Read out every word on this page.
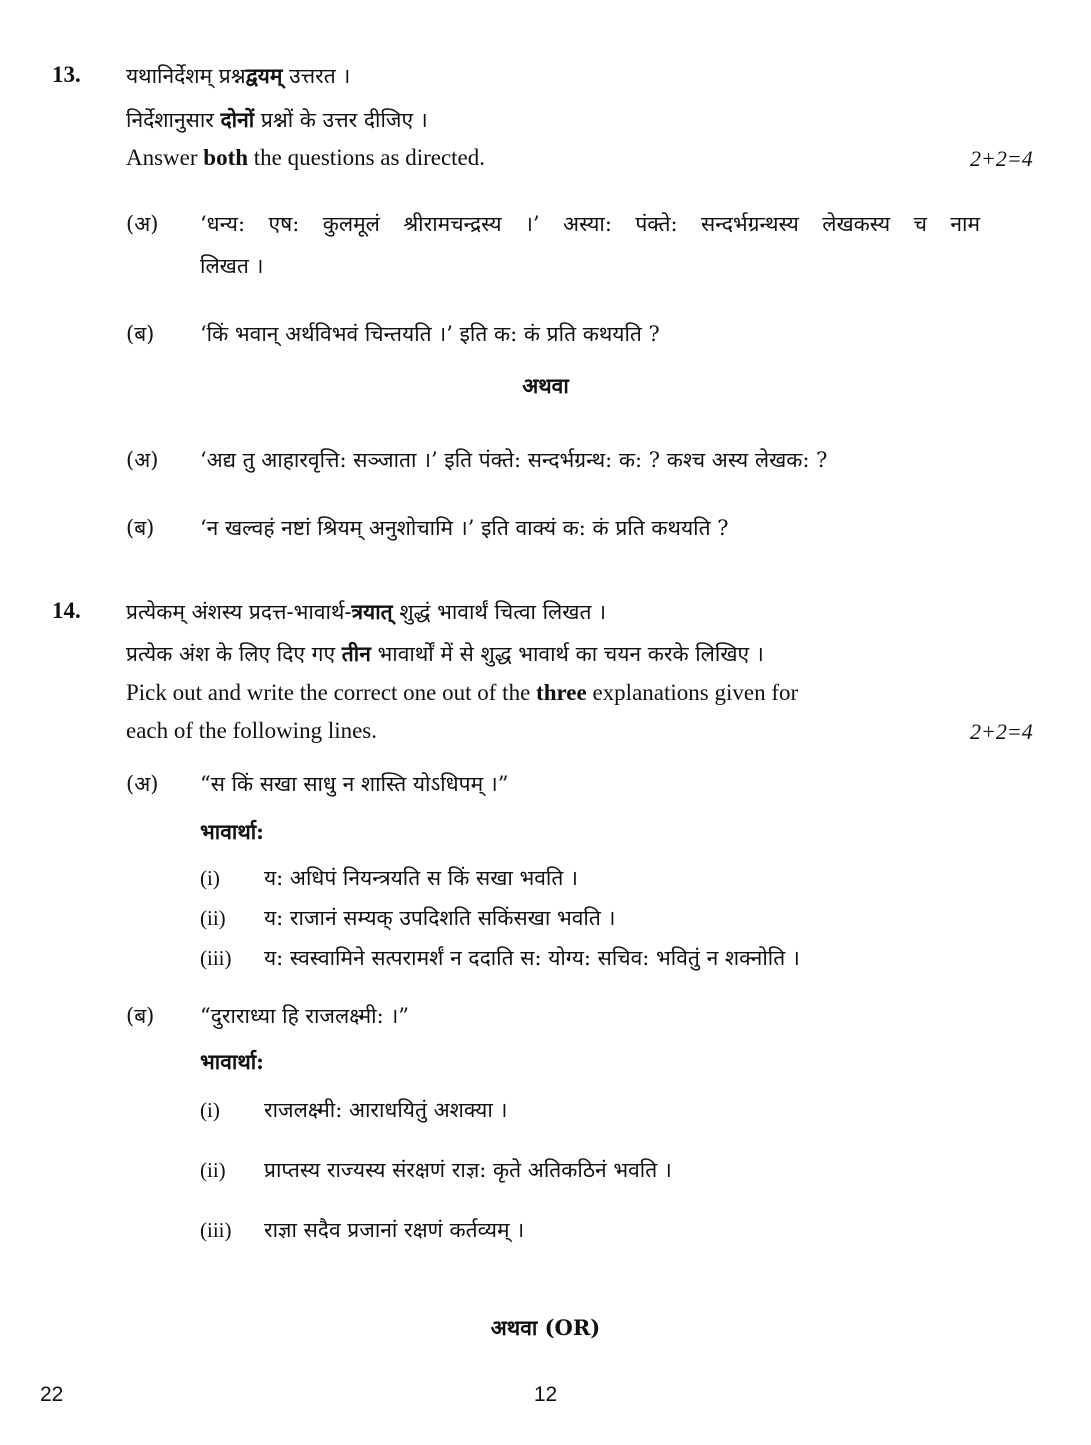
13. यथानिर्देशम् प्रश्नद्वयम् उत्तरत ।
निर्देशानुसार दोनों प्रश्नों के उत्तर दीजिए ।
Answer both the questions as directed.	2+2=4
(अ) ‘धन्य: एष: कुलमूलं श्रीरामचन्द्रस्य ।’ अस्या: पंक्ते: सन्दर्भग्रन्थस्य लेखकस्य च नाम
लिखत ।
(ब) ‘किं भवान् अर्थविभवं चिन्तयति ।’ इति क: कं प्रति कथयति ?
अथवा
(अ) ‘अद्य तु आहारवृत्ति: सञ्जाता ।’ इति पंक्ते: सन्दर्भग्रन्थ: क: ? कश्च अस्य लेखक: ?
(ब) ‘न खल्वहं नष्टां श्रियम् अनुशोचामि ।’ इति वाक्यं क: कं प्रति कथयति ?
14. प्रत्येकम् अंशस्य प्रदत्त-भावार्थ-त्रयात् शुद्धं भावार्थं चित्वा लिखत ।
प्रत्येक अंश के लिए दिए गए तीन भावार्थों में से शुद्ध भावार्थ का चयन करके लिखिए ।
Pick out and write the correct one out of the three explanations given for
each of the following lines.	2+2=4
(अ) “स किं सखा साधु न शास्ति योऽधिपम् ।”
भावार्था:
(i) य: अधिपं नियन्त्रयति स किं सखा भवति ।
(ii) य: राजानं सम्यक् उपदिशति सकिंसखा भवति ।
(iii) य: स्वस्वामिने सत्परामर्शं न ददाति स: योग्य: सचिव: भवितुं न शक्नोति ।
(ब) “दुराराध्या हि राजलक्ष्मी: ।”
भावार्था:
(i) राजलक्ष्मी: आराधयितुं अशक्या ।
(ii) प्राप्तस्य राज्यस्य संरक्षणं राज्ञ: कृते अतिकठिनं भवति ।
(iii) राज्ञा सदैव प्रजानां रक्षणं कर्तव्यम् ।
अथवा (OR)
22	12
